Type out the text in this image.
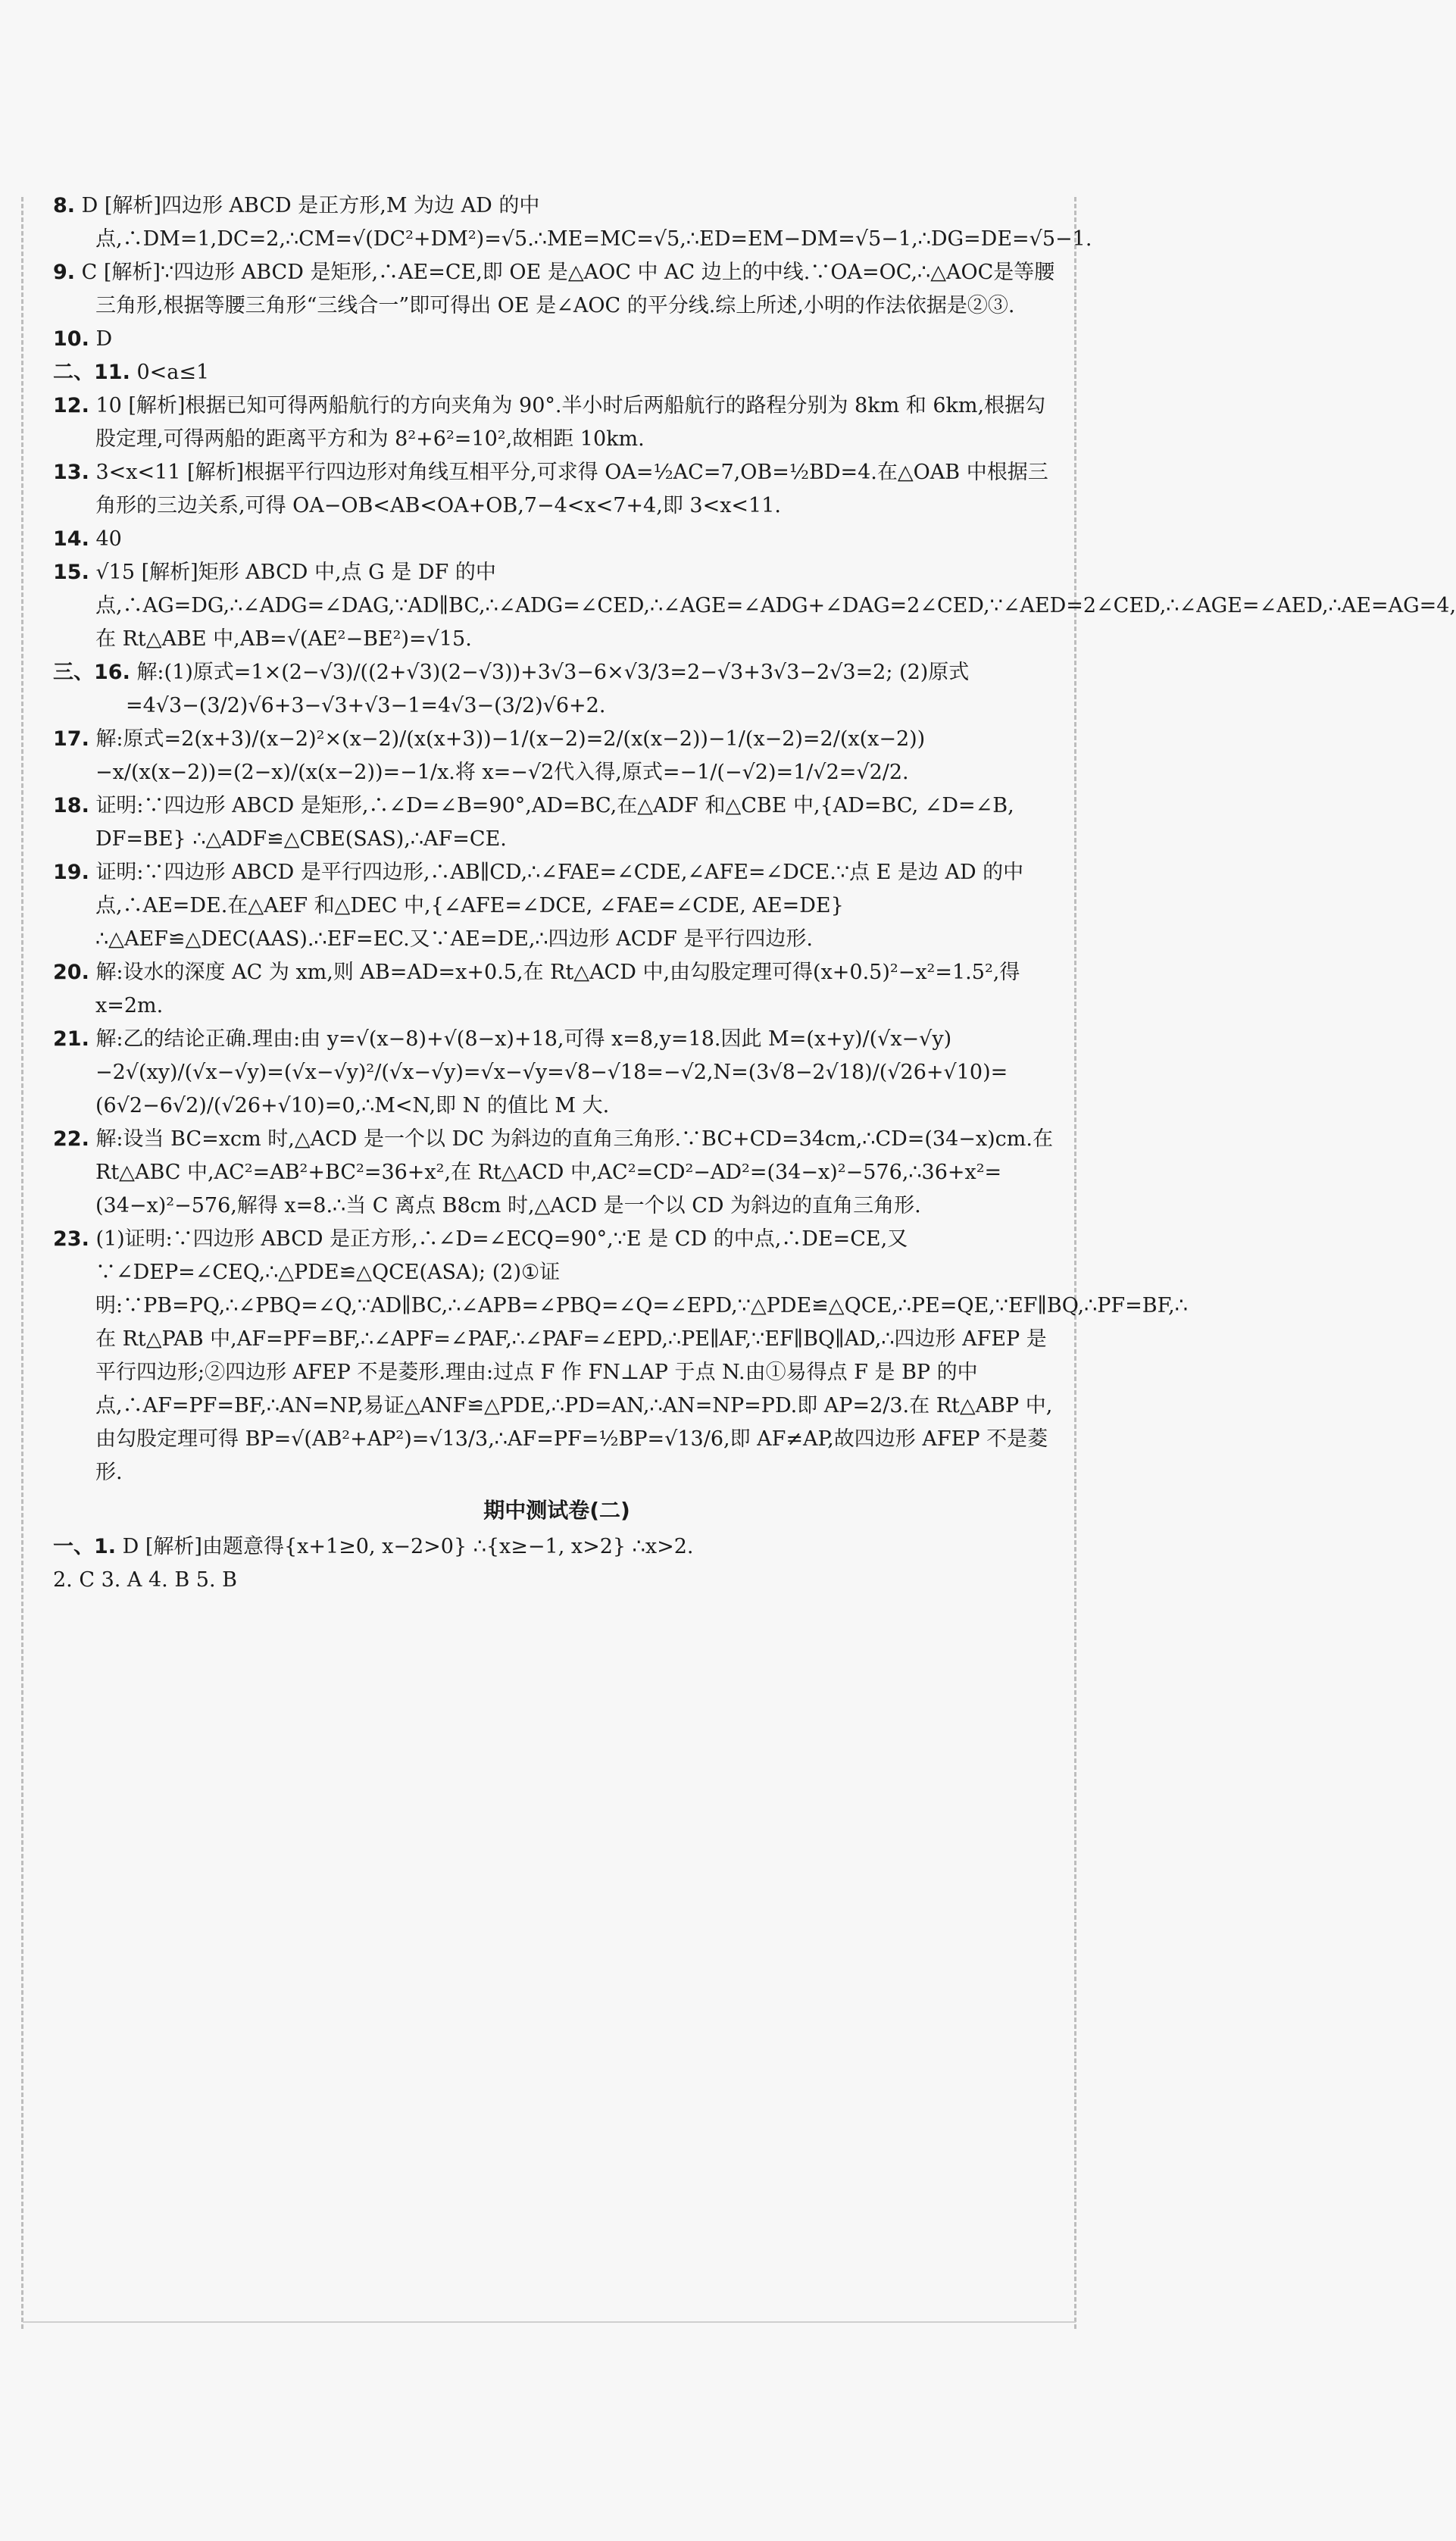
8. D [解析]四边形 ABCD 是正方形,M 为边 AD 的中点,∴DM=1,DC=2,∴CM=√(DC²+DM²)=√5.∴ME=MC=√5,∴ED=EM−DM=√5−1,∴DG=DE=√5−1.

9. C [解析]∵四边形 ABCD 是矩形,∴AE=CE,即 OE 是△AOC 中 AC 边上的中线.∵OA=OC,∴△AOC是等腰三角形,根据等腰三角形“三线合一”即可得出 OE 是∠AOC 的平分线.综上所述,小明的作法依据是②③.

10. D

二、11. 0<a≤1

12. 10 [解析]根据已知可得两船航行的方向夹角为 90°.半小时后两船航行的路程分别为 8km 和 6km,根据勾股定理,可得两船的距离平方和为 8²+6²=10²,故相距 10km.

13. 3<x<11 [解析]根据平行四边形对角线互相平分,可求得 OA=½AC=7,OB=½BD=4.在△OAB 中根据三角形的三边关系,可得 OA−OB<AB<OA+OB,7−4<x<7+4,即 3<x<11.

14. 40

15. √15 [解析]矩形 ABCD 中,点 G 是 DF 的中点,∴AG=DG,∴∠ADG=∠DAG,∵AD∥BC,∴∠ADG=∠CED,∴∠AGE=∠ADG+∠DAG=2∠CED,∵∠AED=2∠CED,∴∠AGE=∠AED,∴AE=AG=4,在 Rt△ABE 中,AB=√(AE²−BE²)=√15.

三、16. 解:(1)原式=1×(2−√3)/((2+√3)(2−√3))+3√3−6×√3/3=2−√3+3√3−2√3=2; (2)原式=4√3−(3/2)√6+3−√3+√3−1=4√3−(3/2)√6+2.

17. 解:原式=2(x+3)/(x−2)²×(x−2)/(x(x+3))−1/(x−2)=2/(x(x−2))−1/(x−2)=2/(x(x−2))−x/(x(x−2))=(2−x)/(x(x−2))=−1/x.将 x=−√2代入得,原式=−1/(−√2)=1/√2=√2/2.

18. 证明:∵四边形 ABCD 是矩形,∴∠D=∠B=90°,AD=BC,在△ADF 和△CBE 中,{AD=BC, ∠D=∠B, DF=BE} ∴△ADF≌△CBE(SAS),∴AF=CE.

19. 证明:∵四边形 ABCD 是平行四边形,∴AB∥CD,∴∠FAE=∠CDE,∠AFE=∠DCE.∵点 E 是边 AD 的中点,∴AE=DE.在△AEF 和△DEC 中,{∠AFE=∠DCE, ∠FAE=∠CDE, AE=DE} ∴△AEF≌△DEC(AAS).∴EF=EC.又∵AE=DE,∴四边形 ACDF 是平行四边形.

20. 解:设水的深度 AC 为 xm,则 AB=AD=x+0.5,在 Rt△ACD 中,由勾股定理可得(x+0.5)²−x²=1.5²,得 x=2m.

21. 解:乙的结论正确.理由:由 y=√(x−8)+√(8−x)+18,可得 x=8,y=18.因此 M=(x+y)/(√x−√y)−2√(xy)/(√x−√y)=(√x−√y)²/(√x−√y)=√x−√y=√8−√18=−√2,N=(3√8−2√18)/(√26+√10)=(6√2−6√2)/(√26+√10)=0,∴M<N,即 N 的值比 M 大.

22. 解:设当 BC=xcm 时,△ACD 是一个以 DC 为斜边的直角三角形.∵BC+CD=34cm,∴CD=(34−x)cm.在 Rt△ABC 中,AC²=AB²+BC²=36+x²,在 Rt△ACD 中,AC²=CD²−AD²=(34−x)²−576,∴36+x²=(34−x)²−576,解得 x=8.∴当 C 离点 B8cm 时,△ACD 是一个以 CD 为斜边的直角三角形.

23. (1)证明:∵四边形 ABCD 是正方形,∴∠D=∠ECQ=90°,∵E 是 CD 的中点,∴DE=CE,又∵∠DEP=∠CEQ,∴△PDE≌△QCE(ASA); (2)①证明:∵PB=PQ,∴∠PBQ=∠Q,∵AD∥BC,∴∠APB=∠PBQ=∠Q=∠EPD,∵△PDE≌△QCE,∴PE=QE,∵EF∥BQ,∴PF=BF,∴在 Rt△PAB 中,AF=PF=BF,∴∠APF=∠PAF,∴∠PAF=∠EPD,∴PE∥AF,∵EF∥BQ∥AD,∴四边形 AFEP 是平行四边形;②四边形 AFEP 不是菱形.理由:过点 F 作 FN⊥AP 于点 N.由①易得点 F 是 BP 的中点,∴AF=PF=BF,∴AN=NP,易证△ANF≌△PDE,∴PD=AN,∴AN=NP=PD.即 AP=2/3.在 Rt△ABP 中,由勾股定理可得 BP=√(AB²+AP²)=√13/3,∴AF=PF=½BP=√13/6,即 AF≠AP,故四边形 AFEP 不是菱形.

期中测试卷(二)

一、1. D [解析]由题意得{x+1≥0, x−2>0} ∴{x≥−1, x>2} ∴x>2.

2. C 3. A 4. B 5. B
